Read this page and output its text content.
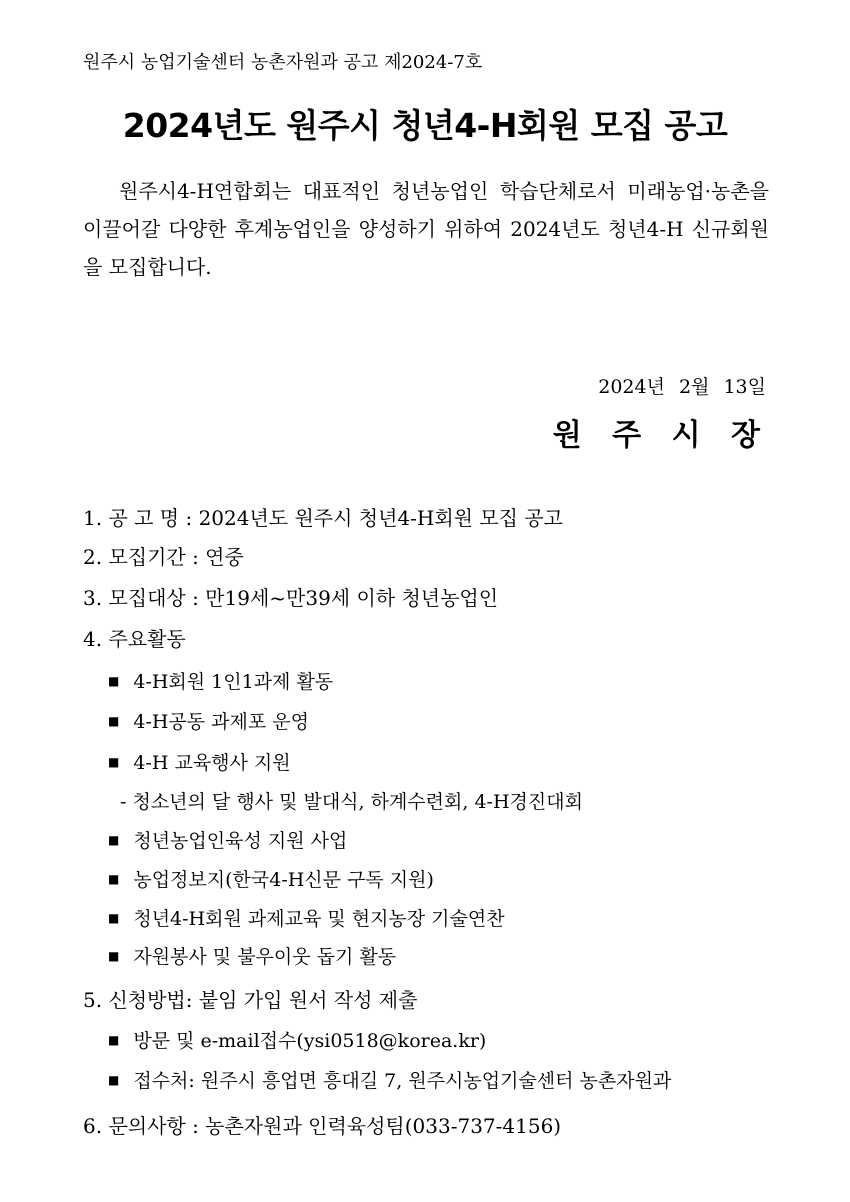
원주시 농업기술센터 농촌자원과 공고 제2024-7호
2024년도 원주시 청년4-H회원 모집 공고
원주시4-H연합회는 대표적인 청년농업인 학습단체로서 미래농업·농촌을 이끌어갈 다양한 후계농업인을 양성하기 위하여 2024년도 청년4-H 신규회원을 모집합니다.
2024년 2월 13일
원 주 시 장
1. 공 고 명 : 2024년도 원주시 청년4-H회원 모집 공고
2. 모집기간 : 연중
3. 모집대상 : 만19세~만39세 이하 청년농업인
4. 주요활동
■ 4-H회원 1인1과제 활동
■ 4-H공동 과제포 운영
■ 4-H 교육행사 지원
- 청소년의 달 행사 및 발대식, 하계수련회, 4-H경진대회
■ 청년농업인육성 지원 사업
■ 농업정보지(한국4-H신문 구독 지원)
■ 청년4-H회원 과제교육 및 현지농장 기술연찬
■ 자원봉사 및 불우이웃 돕기 활동
5. 신청방법: 붙임 가입 원서 작성 제출
■ 방문 및 e-mail접수(ysi0518@korea.kr)
■ 접수처: 원주시 흥업면 흥대길 7, 원주시농업기술센터 농촌자원과
6. 문의사항 : 농촌자원과 인력육성팀(033-737-4156)
